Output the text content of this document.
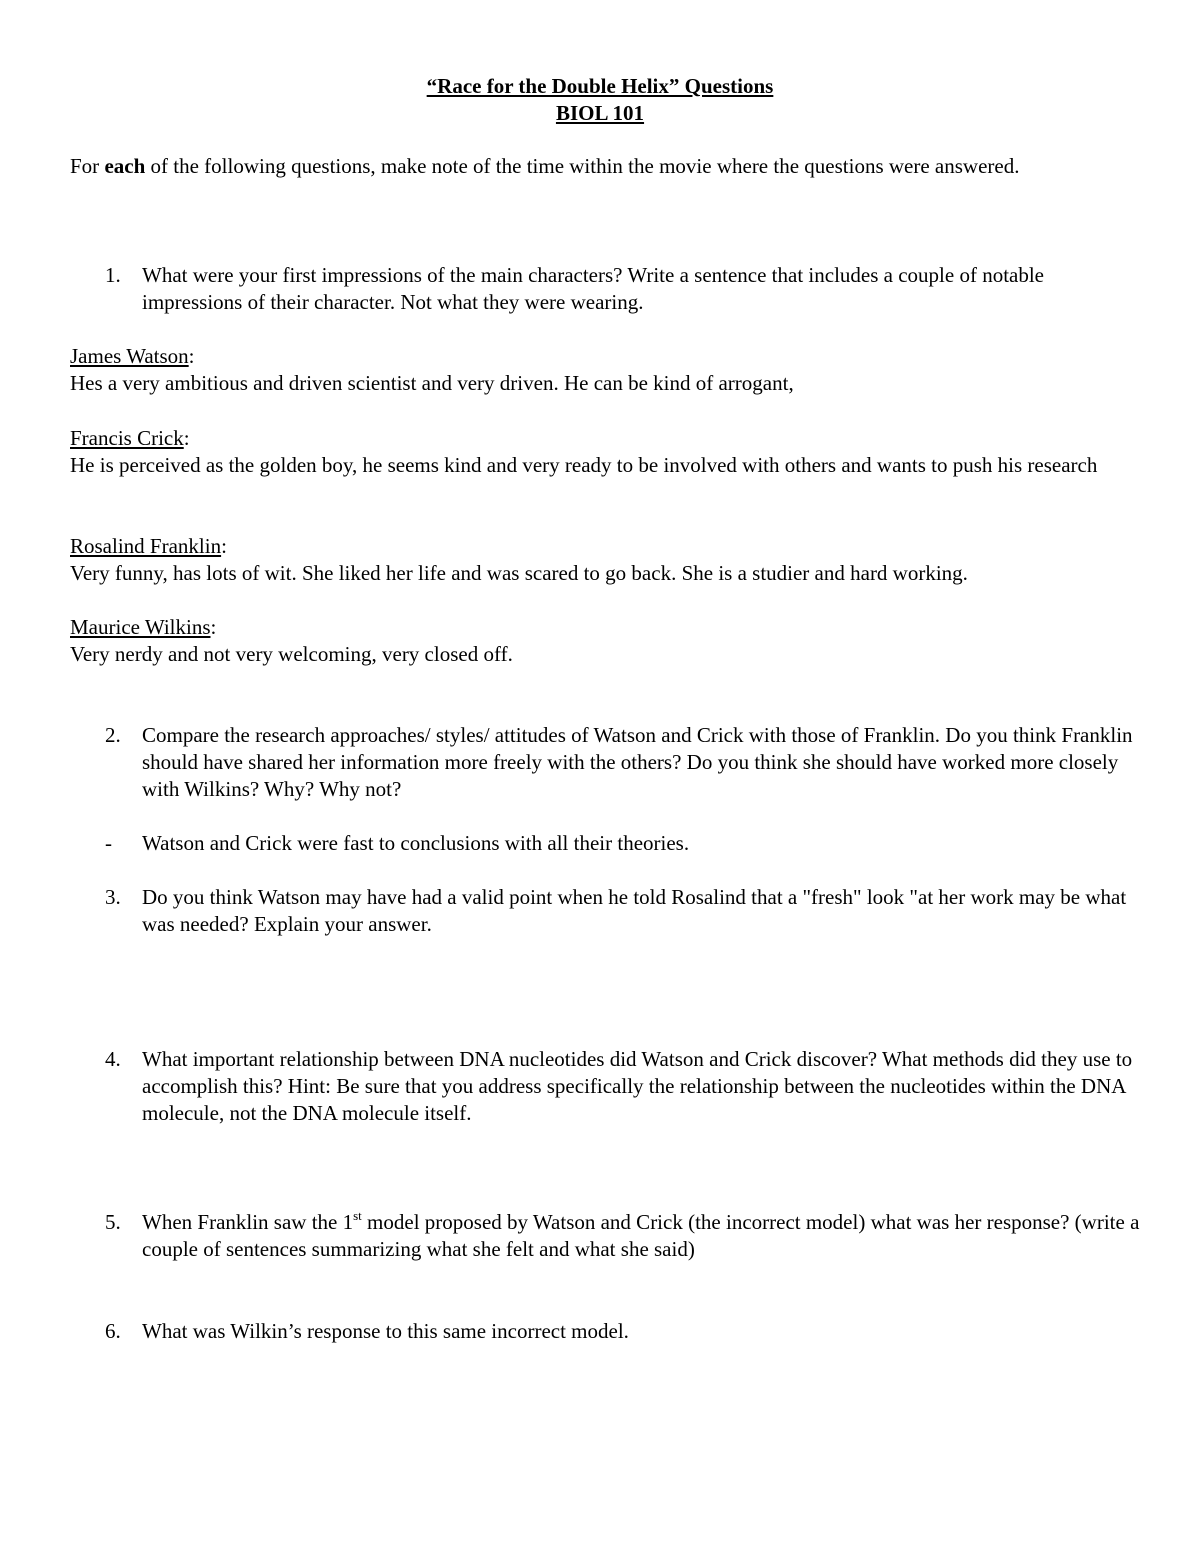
“Race for the Double Helix” Questions
BIOL 101
For each of the following questions, make note of the time within the movie where the questions were answered.
1. What were your first impressions of the main characters? Write a sentence that includes a couple of notable impressions of their character. Not what they were wearing.
James Watson:
Hes a very ambitious and driven scientist and very driven. He can be kind of arrogant,
Francis Crick:
He is perceived as the golden boy, he seems kind and very ready to be involved with others and wants to push his research
Rosalind Franklin:
Very funny, has lots of wit. She liked her life and was scared to go back. She is a studier and hard working.
Maurice Wilkins:
Very nerdy and not very welcoming, very closed off.
2. Compare the research approaches/ styles/ attitudes of Watson and Crick with those of Franklin. Do you think Franklin should have shared her information more freely with the others? Do you think she should have worked more closely with Wilkins? Why? Why not?
- Watson and Crick were fast to conclusions with all their theories.
3. Do you think Watson may have had a valid point when he told Rosalind that a "fresh" look "at her work may be what was needed? Explain your answer.
4. What important relationship between DNA nucleotides did Watson and Crick discover? What methods did they use to accomplish this? Hint: Be sure that you address specifically the relationship between the nucleotides within the DNA molecule, not the DNA molecule itself.
5. When Franklin saw the 1st model proposed by Watson and Crick (the incorrect model) what was her response? (write a couple of sentences summarizing what she felt and what she said)
6. What was Wilkin’s response to this same incorrect model.
